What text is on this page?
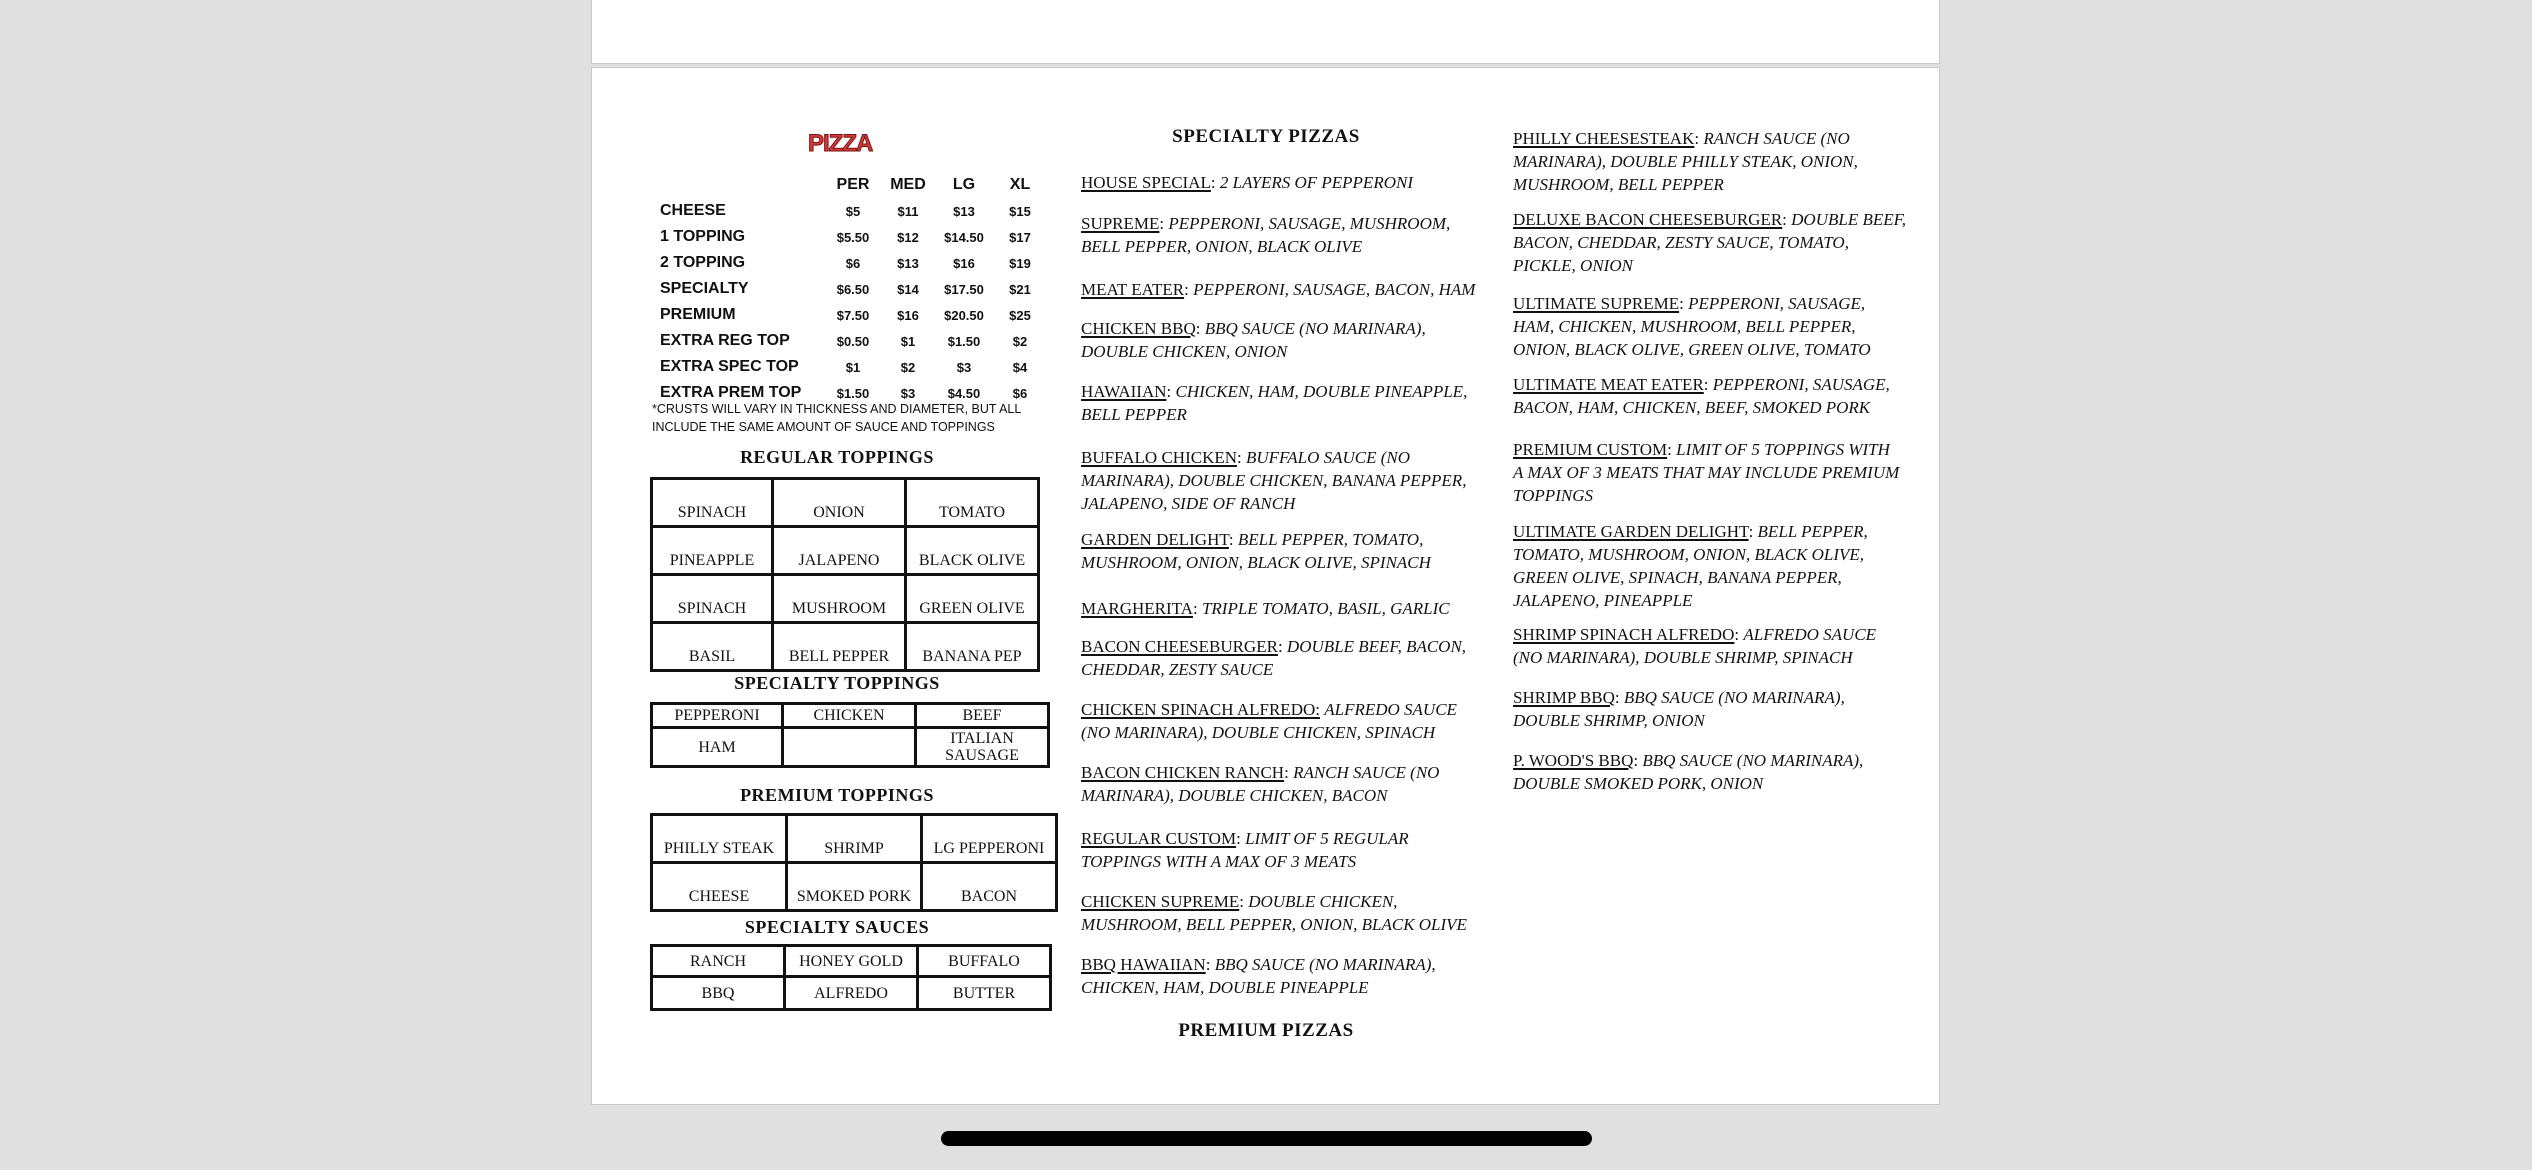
PIZZA
	PER	MED	LG	XL
CHEESE	$5	$11	$13	$15
1 TOPPING	$5.50	$12	$14.50	$17
2 TOPPING	$6	$13	$16	$19
SPECIALTY	$6.50	$14	$17.50	$21
PREMIUM	$7.50	$16	$20.50	$25
EXTRA REG TOP	$0.50	$1	$1.50	$2
EXTRA SPEC TOP	$1	$2	$3	$4
EXTRA PREM TOP	$1.50	$3	$4.50	$6
*CRUSTS WILL VARY IN THICKNESS AND DIAMETER, BUT ALL
INCLUDE THE SAME AMOUNT OF SAUCE AND TOPPINGS
REGULAR TOPPINGS
SPINACH	ONION	TOMATO
PINEAPPLE	JALAPENO	BLACK OLIVE
SPINACH	MUSHROOM	GREEN OLIVE
BASIL	BELL PEPPER	BANANA PEP
SPECIALTY TOPPINGS
PEPPERONI	CHICKEN	BEEF
HAM		ITALIAN SAUSAGE
PREMIUM TOPPINGS
PHILLY STEAK	SHRIMP	LG PEPPERONI
CHEESE	SMOKED PORK	BACON
SPECIALTY SAUCES
RANCH	HONEY GOLD	BUFFALO
BBQ	ALFREDO	BUTTER
SPECIALTY PIZZAS
HOUSE SPECIAL: 2 LAYERS OF PEPPERONI
SUPREME: PEPPERONI, SAUSAGE, MUSHROOM,
BELL PEPPER, ONION, BLACK OLIVE
MEAT EATER: PEPPERONI, SAUSAGE, BACON, HAM
CHICKEN BBQ: BBQ SAUCE (NO MARINARA),
DOUBLE CHICKEN, ONION
HAWAIIAN: CHICKEN, HAM, DOUBLE PINEAPPLE,
BELL PEPPER
BUFFALO CHICKEN: BUFFALO SAUCE (NO
MARINARA), DOUBLE CHICKEN, BANANA PEPPER,
JALAPENO, SIDE OF RANCH
GARDEN DELIGHT: BELL PEPPER, TOMATO,
MUSHROOM, ONION, BLACK OLIVE, SPINACH
MARGHERITA: TRIPLE TOMATO, BASIL, GARLIC
BACON CHEESEBURGER: DOUBLE BEEF, BACON,
CHEDDAR, ZESTY SAUCE
CHICKEN SPINACH ALFREDO: ALFREDO SAUCE
(NO MARINARA), DOUBLE CHICKEN, SPINACH
BACON CHICKEN RANCH: RANCH SAUCE (NO
MARINARA), DOUBLE CHICKEN, BACON
REGULAR CUSTOM: LIMIT OF 5 REGULAR
TOPPINGS WITH A MAX OF 3 MEATS
CHICKEN SUPREME: DOUBLE CHICKEN,
MUSHROOM, BELL PEPPER, ONION, BLACK OLIVE
BBQ HAWAIIAN: BBQ SAUCE (NO MARINARA),
CHICKEN, HAM, DOUBLE PINEAPPLE
PREMIUM PIZZAS
PHILLY CHEESESTEAK: RANCH SAUCE (NO
MARINARA), DOUBLE PHILLY STEAK, ONION,
MUSHROOM, BELL PEPPER
DELUXE BACON CHEESEBURGER: DOUBLE BEEF,
BACON, CHEDDAR, ZESTY SAUCE, TOMATO,
PICKLE, ONION
ULTIMATE SUPREME: PEPPERONI, SAUSAGE,
HAM, CHICKEN, MUSHROOM, BELL PEPPER,
ONION, BLACK OLIVE, GREEN OLIVE, TOMATO
ULTIMATE MEAT EATER: PEPPERONI, SAUSAGE,
BACON, HAM, CHICKEN, BEEF, SMOKED PORK
PREMIUM CUSTOM: LIMIT OF 5 TOPPINGS WITH
A MAX OF 3 MEATS THAT MAY INCLUDE PREMIUM
TOPPINGS
ULTIMATE GARDEN DELIGHT: BELL PEPPER,
TOMATO, MUSHROOM, ONION, BLACK OLIVE,
GREEN OLIVE, SPINACH, BANANA PEPPER,
JALAPENO, PINEAPPLE
SHRIMP SPINACH ALFREDO: ALFREDO SAUCE
(NO MARINARA), DOUBLE SHRIMP, SPINACH
SHRIMP BBQ: BBQ SAUCE (NO MARINARA),
DOUBLE SHRIMP, ONION
P. WOOD'S BBQ: BBQ SAUCE (NO MARINARA),
DOUBLE SMOKED PORK, ONION
